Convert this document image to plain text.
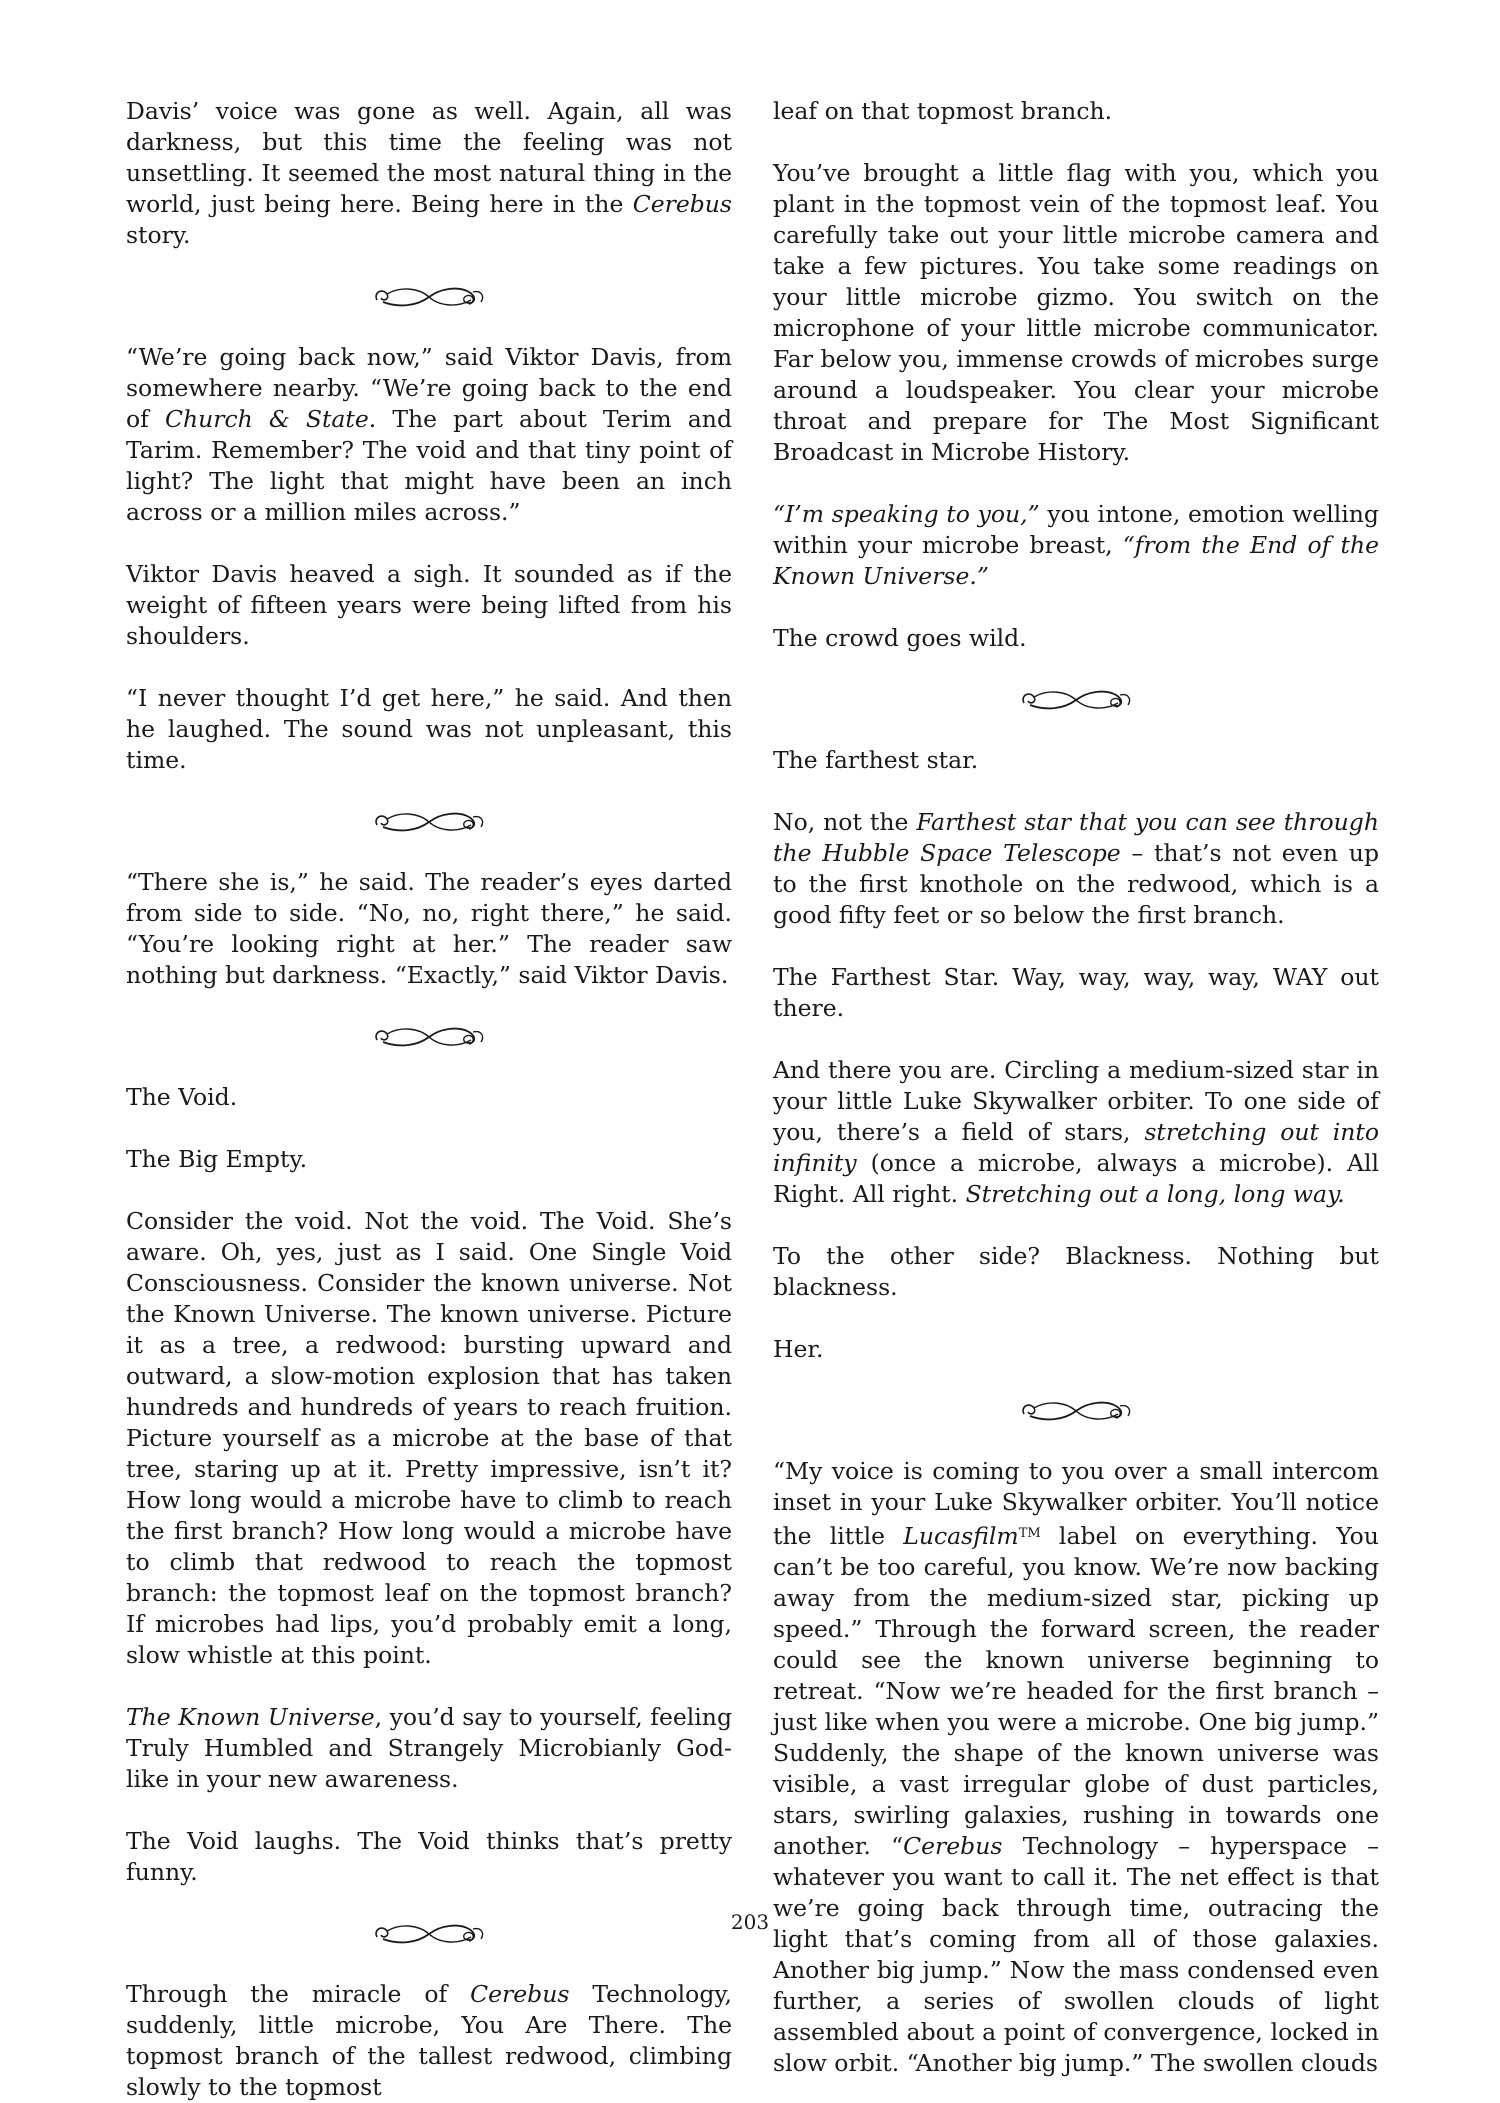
Davis’ voice was gone as well. Again, all was darkness, but this time the feeling was not unsettling. It seemed the most natural thing in the world, just being here. Being here in the Cerebus story.

“We’re going back now,” said Viktor Davis, from somewhere nearby. “We’re going back to the end of Church & State. The part about Terim and Tarim. Remember? The void and that tiny point of light? The light that might have been an inch across or a million miles across.”

Viktor Davis heaved a sigh. It sounded as if the weight of fifteen years were being lifted from his shoulders.

“I never thought I’d get here,” he said. And then he laughed. The sound was not unpleasant, this time.

“There she is,” he said. The reader’s eyes darted from side to side. “No, no, right there,” he said. “You’re looking right at her.” The reader saw nothing but darkness. “Exactly,” said Viktor Davis.

The Void.

The Big Empty.

Consider the void. Not the void. The Void. She’s aware. Oh, yes, just as I said. One Single Void Consciousness. Consider the known universe. Not the Known Universe. The known universe. Picture it as a tree, a redwood: bursting upward and outward, a slow-motion explosion that has taken hundreds and hundreds of years to reach fruition. Picture yourself as a microbe at the base of that tree, staring up at it. Pretty impressive, isn’t it? How long would a microbe have to climb to reach the first branch? How long would a microbe have to climb that redwood to reach the topmost branch: the topmost leaf on the topmost branch? If microbes had lips, you’d probably emit a long, slow whistle at this point.

The Known Universe, you’d say to yourself, feeling Truly Humbled and Strangely Microbianly God-like in your new awareness.

The Void laughs. The Void thinks that’s pretty funny.

Through the miracle of Cerebus Technology, suddenly, little microbe, You Are There. The topmost branch of the tallest redwood, climbing slowly to the topmost

leaf on that topmost branch.

You’ve brought a little flag with you, which you plant in the topmost vein of the topmost leaf. You carefully take out your little microbe camera and take a few pictures. You take some readings on your little microbe gizmo. You switch on the microphone of your little microbe communicator. Far below you, immense crowds of microbes surge around a loudspeaker. You clear your microbe throat and prepare for The Most Significant Broadcast in Microbe History.

“I’m speaking to you,” you intone, emotion welling within your microbe breast, “from the End of the Known Universe.”

The crowd goes wild.

The farthest star.

No, not the Farthest star that you can see through the Hubble Space Telescope – that’s not even up to the first knothole on the redwood, which is a good fifty feet or so below the first branch.

The Farthest Star. Way, way, way, way, WAY out there.

And there you are. Circling a medium-sized star in your little Luke Skywalker orbiter. To one side of you, there’s a field of stars, stretching out into infinity (once a microbe, always a microbe). All Right. All right. Stretching out a long, long way.

To the other side? Blackness. Nothing but blackness.

Her.

“My voice is coming to you over a small intercom inset in your Luke Skywalker orbiter. You’ll notice the little Lucasfilm™ label on everything. You can’t be too careful, you know. We’re now backing away from the medium-sized star, picking up speed.” Through the forward screen, the reader could see the known universe beginning to retreat. “Now we’re headed for the first branch – just like when you were a microbe. One big jump.” Suddenly, the shape of the known universe was visible, a vast irregular globe of dust particles, stars, swirling galaxies, rushing in towards one another. “Cerebus Technology – hyperspace – whatever you want to call it. The net effect is that we’re going back through time, outracing the light that’s coming from all of those galaxies. Another big jump.” Now the mass condensed even further, a series of swollen clouds of light assembled about a point of convergence, locked in slow orbit. “Another big jump.” The swollen clouds

203
